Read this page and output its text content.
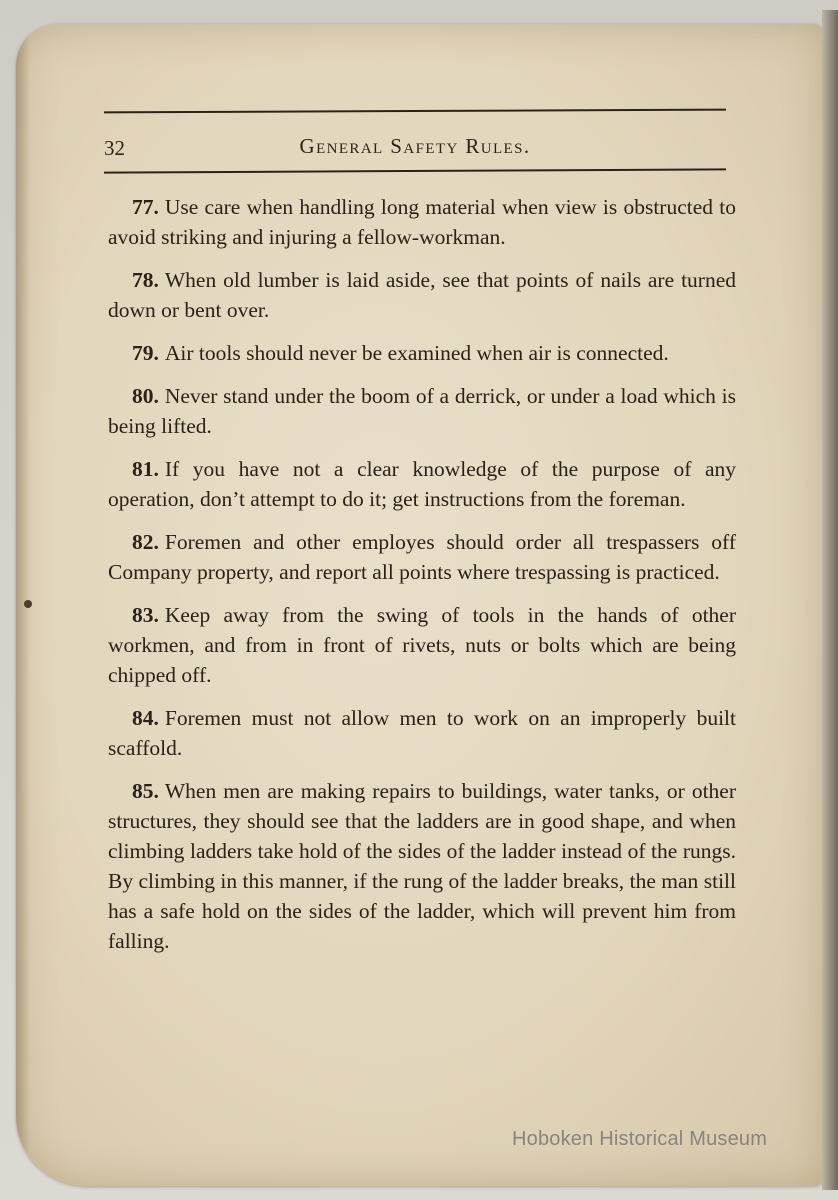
32	General Safety Rules.

77. Use care when handling long material when view is obstructed to avoid striking and injuring a fellow-workman.

78. When old lumber is laid aside, see that points of nails are turned down or bent over.

79. Air tools should never be examined when air is connected.

80. Never stand under the boom of a derrick, or under a load which is being lifted.

81. If you have not a clear knowledge of the purpose of any operation, don’t attempt to do it; get instructions from the foreman.

82. Foremen and other employes should order all trespassers off Company property, and report all points where trespassing is practiced.

83. Keep away from the swing of tools in the hands of other workmen, and from in front of rivets, nuts or bolts which are being chipped off.

84. Foremen must not allow men to work on an improperly built scaffold.

85. When men are making repairs to buildings, water tanks, or other structures, they should see that the ladders are in good shape, and when climbing ladders take hold of the sides of the ladder instead of the rungs. By climbing in this manner, if the rung of the ladder breaks, the man still has a safe hold on the sides of the ladder, which will prevent him from falling.

Hoboken Historical Museum
